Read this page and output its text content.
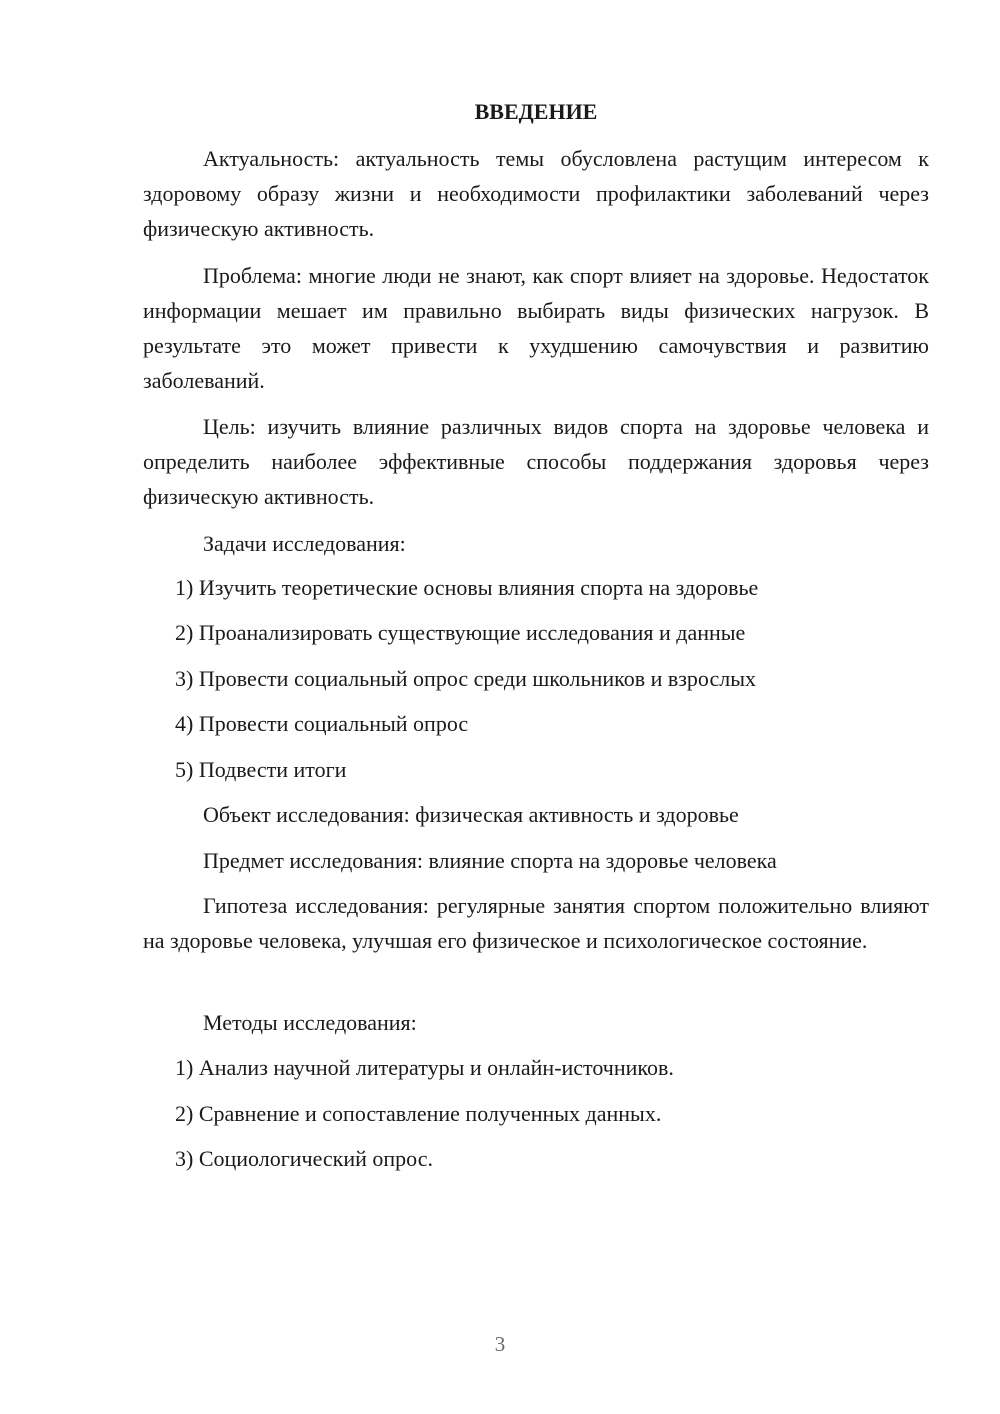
ВВЕДЕНИЕ

Актуальность: актуальность темы обусловлена растущим интересом к здоровому образу жизни и необходимости профилактики заболеваний через физическую активность.

Проблема: многие люди не знают, как спорт влияет на здоровье. Недостаток информации мешает им правильно выбирать виды физических нагрузок. В результате это может привести к ухудшению самочувствия и развитию заболеваний.

Цель: изучить влияние различных видов спорта на здоровье человека и определить наиболее эффективные способы поддержания здоровья через физическую активность.

Задачи исследования:
1) Изучить теоретические основы влияния спорта на здоровье
2) Проанализировать существующие исследования и данные
3) Провести социальный опрос среди школьников и взрослых
4) Провести социальный опрос
5) Подвести итоги
Объект исследования: физическая активность и здоровье
Предмет исследования: влияние спорта на здоровье человека

Гипотеза исследования: регулярные занятия спортом положительно влияют на здоровье человека, улучшая его физическое и психологическое состояние.

Методы исследования:
1) Анализ научной литературы и онлайн-источников.
2) Сравнение и сопоставление полученных данных.
3) Социологический опрос.
3
